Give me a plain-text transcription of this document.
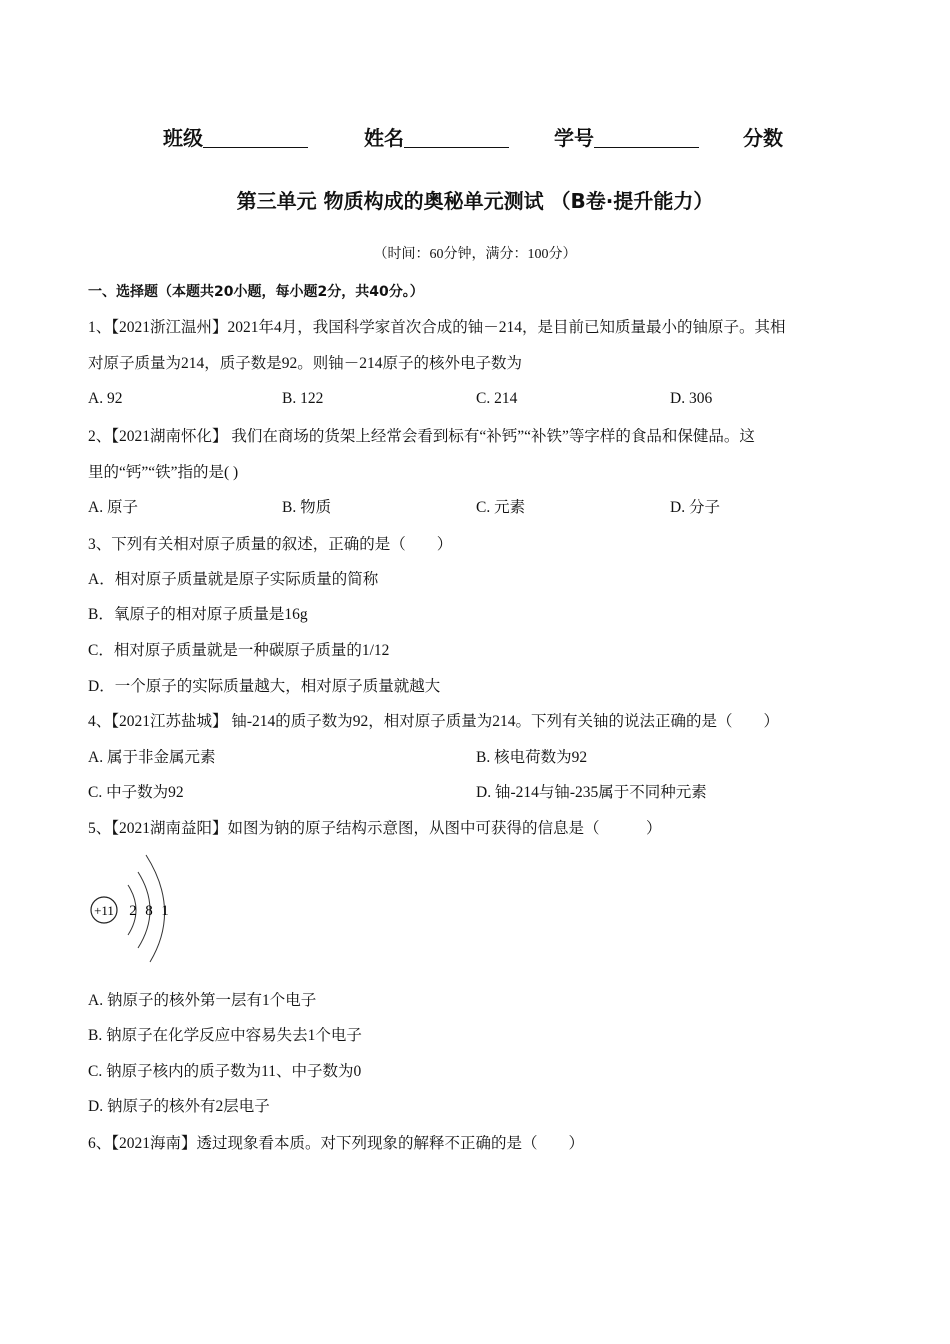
班级	姓名	学号	分数
第三单元 物质构成的奥秘单元测试 （B卷·提升能力）
（时间：60分钟，满分：100分）
一、选择题（本题共20小题，每小题2分，共40分。）
1、【2021浙江温州】2021年4月，我国科学家首次合成的铀－214，是目前已知质量最小的铀原子。其相
对原子质量为214，质子数是92。则铀－214原子的核外电子数为
A. 92	B. 122	C. 214	D. 306
2、【2021湖南怀化】 我们在商场的货架上经常会看到标有“补钙”“补铁”等字样的食品和保健品。这
里的“钙”“铁”指的是( )
A. 原子	B. 物质	C. 元素	D. 分子
3、下列有关相对原子质量的叙述，正确的是（　　）
A．相对原子质量就是原子实际质量的简称
B．氧原子的相对原子质量是16g
C．相对原子质量就是一种碳原子质量的1/12
D．一个原子的实际质量越大，相对原子质量就越大
4、【2021江苏盐城】 铀-214的质子数为92，相对原子质量为214。下列有关铀的说法正确的是（　　）
A. 属于非金属元素	B. 核电荷数为92
C. 中子数为92	D. 铀-214与铀-235属于不同种元素
5、【2021湖南益阳】如图为钠的原子结构示意图，从图中可获得的信息是（　　　）
+11 2 8 1
A. 钠原子的核外第一层有1个电子
B. 钠原子在化学反应中容易失去1个电子
C. 钠原子核内的质子数为11、中子数为0
D. 钠原子的核外有2层电子
6、【2021海南】透过现象看本质。对下列现象的解释不正确的是（　　）
